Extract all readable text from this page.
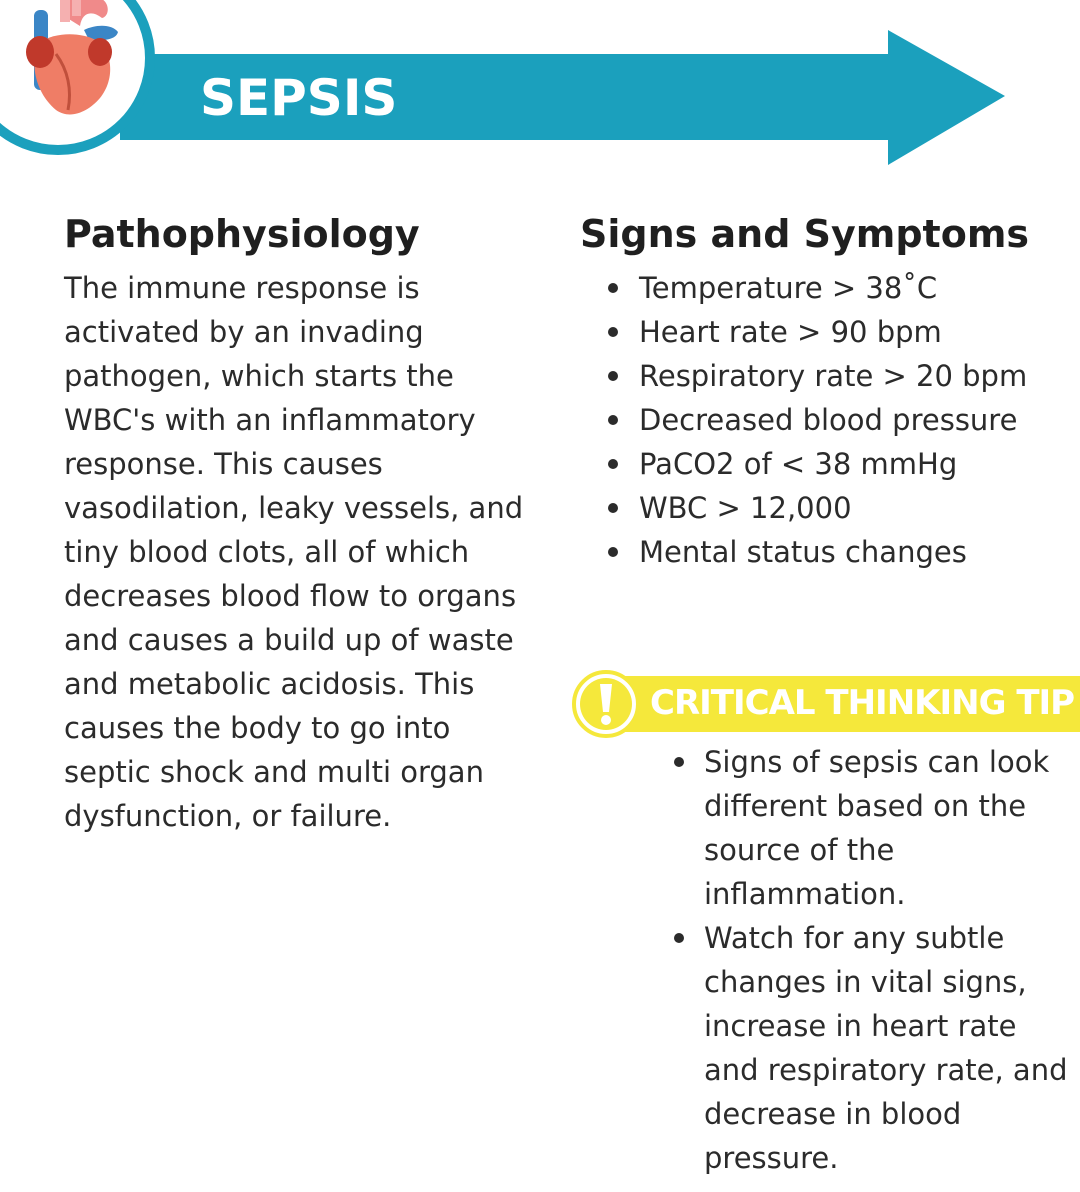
SEPSIS
Pathophysiology
The immune response is activated by an invading pathogen, which starts the WBC's with an inflammatory response. This causes vasodilation, leaky vessels, and tiny blood clots, all of which decreases blood flow to organs and causes a build up of waste and metabolic acidosis. This causes the body to go into septic shock and multi organ dysfunction, or failure.
Signs and Symptoms
Temperature > 38˚C
Heart rate > 90 bpm
Respiratory rate > 20 bpm
Decreased blood pressure
PaCO2 of < 38 mmHg
WBC > 12,000
Mental status changes
CRITICAL THINKING TIP
Signs of sepsis can look different based on the source of the inflammation.
Watch for any subtle changes in vital signs, increase in heart rate and respiratory rate, and decrease in blood pressure.
